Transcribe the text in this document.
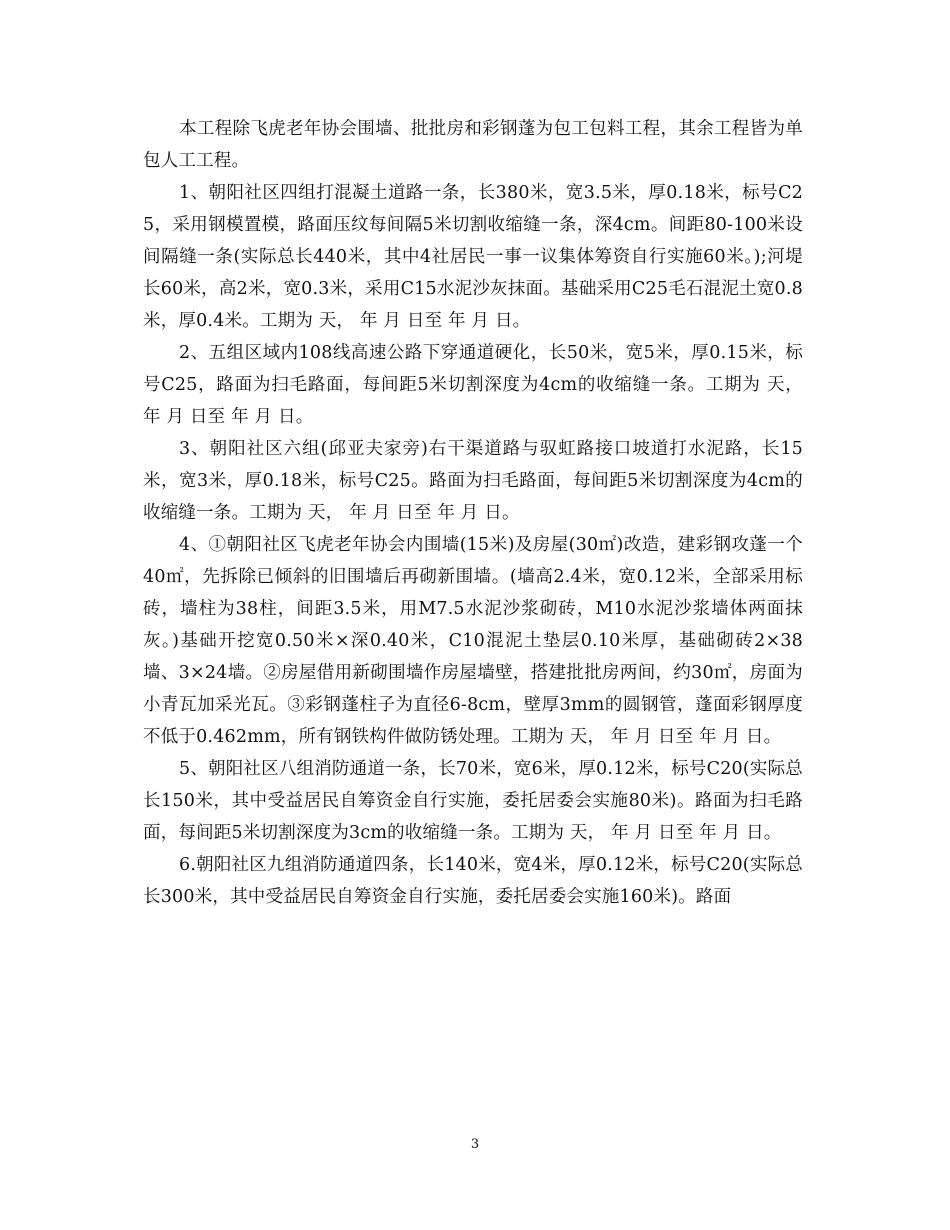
本工程除飞虎老年协会围墙、批批房和彩钢蓬为包工包料工程，其余工程皆为单包人工工程。

1、朝阳社区四组打混凝土道路一条，长380米，宽3.5米，厚0.18米，标号C25，采用钢模置模，路面压纹每间隔5米切割收缩缝一条，深4cm。间距80-100米设间隔缝一条(实际总长440米，其中4社居民一事一议集体筹资自行实施60米。);河堤长60米，高2米，宽0.3米，采用C15水泥沙灰抹面。基础采用C25毛石混泥土宽0.8米，厚0.4米。工期为 天， 年 月 日至 年 月 日。

2、五组区域内108线高速公路下穿通道硬化，长50米，宽5米，厚0.15米，标号C25，路面为扫毛路面，每间距5米切割深度为4cm的收缩缝一条。工期为 天， 年 月 日至 年 月 日。

3、朝阳社区六组(邱亚夫家旁)右干渠道路与驭虹路接口坡道打水泥路，长15米，宽3米，厚0.18米，标号C25。路面为扫毛路面，每间距5米切割深度为4cm的收缩缝一条。工期为 天， 年 月 日至 年 月 日。

4、①朝阳社区飞虎老年协会内围墙(15米)及房屋(30㎡)改造，建彩钢攻蓬一个40㎡，先拆除已倾斜的旧围墙后再砌新围墙。(墙高2.4米，宽0.12米，全部采用标砖，墙柱为38柱，间距3.5米，用M7.5水泥沙浆砌砖，M10水泥沙浆墙体两面抹灰。)基础开挖宽0.50米×深0.40米，C10混泥土垫层0.10米厚，基础砌砖2×38墙、3×24墙。②房屋借用新砌围墙作房屋墙壁，搭建批批房两间，约30㎡，房面为小青瓦加采光瓦。③彩钢蓬柱子为直径6-8cm，壁厚3mm的圆钢管，蓬面彩钢厚度不低于0.462mm，所有钢铁构件做防锈处理。工期为 天， 年 月 日至 年 月 日。

5、朝阳社区八组消防通道一条，长70米，宽6米，厚0.12米，标号C20(实际总长150米，其中受益居民自筹资金自行实施，委托居委会实施80米)。路面为扫毛路面，每间距5米切割深度为3cm的收缩缝一条。工期为 天， 年 月 日至 年 月 日。

6.朝阳社区九组消防通道四条，长140米，宽4米，厚0.12米，标号C20(实际总长300米，其中受益居民自筹资金自行实施，委托居委会实施160米)。路面

3
